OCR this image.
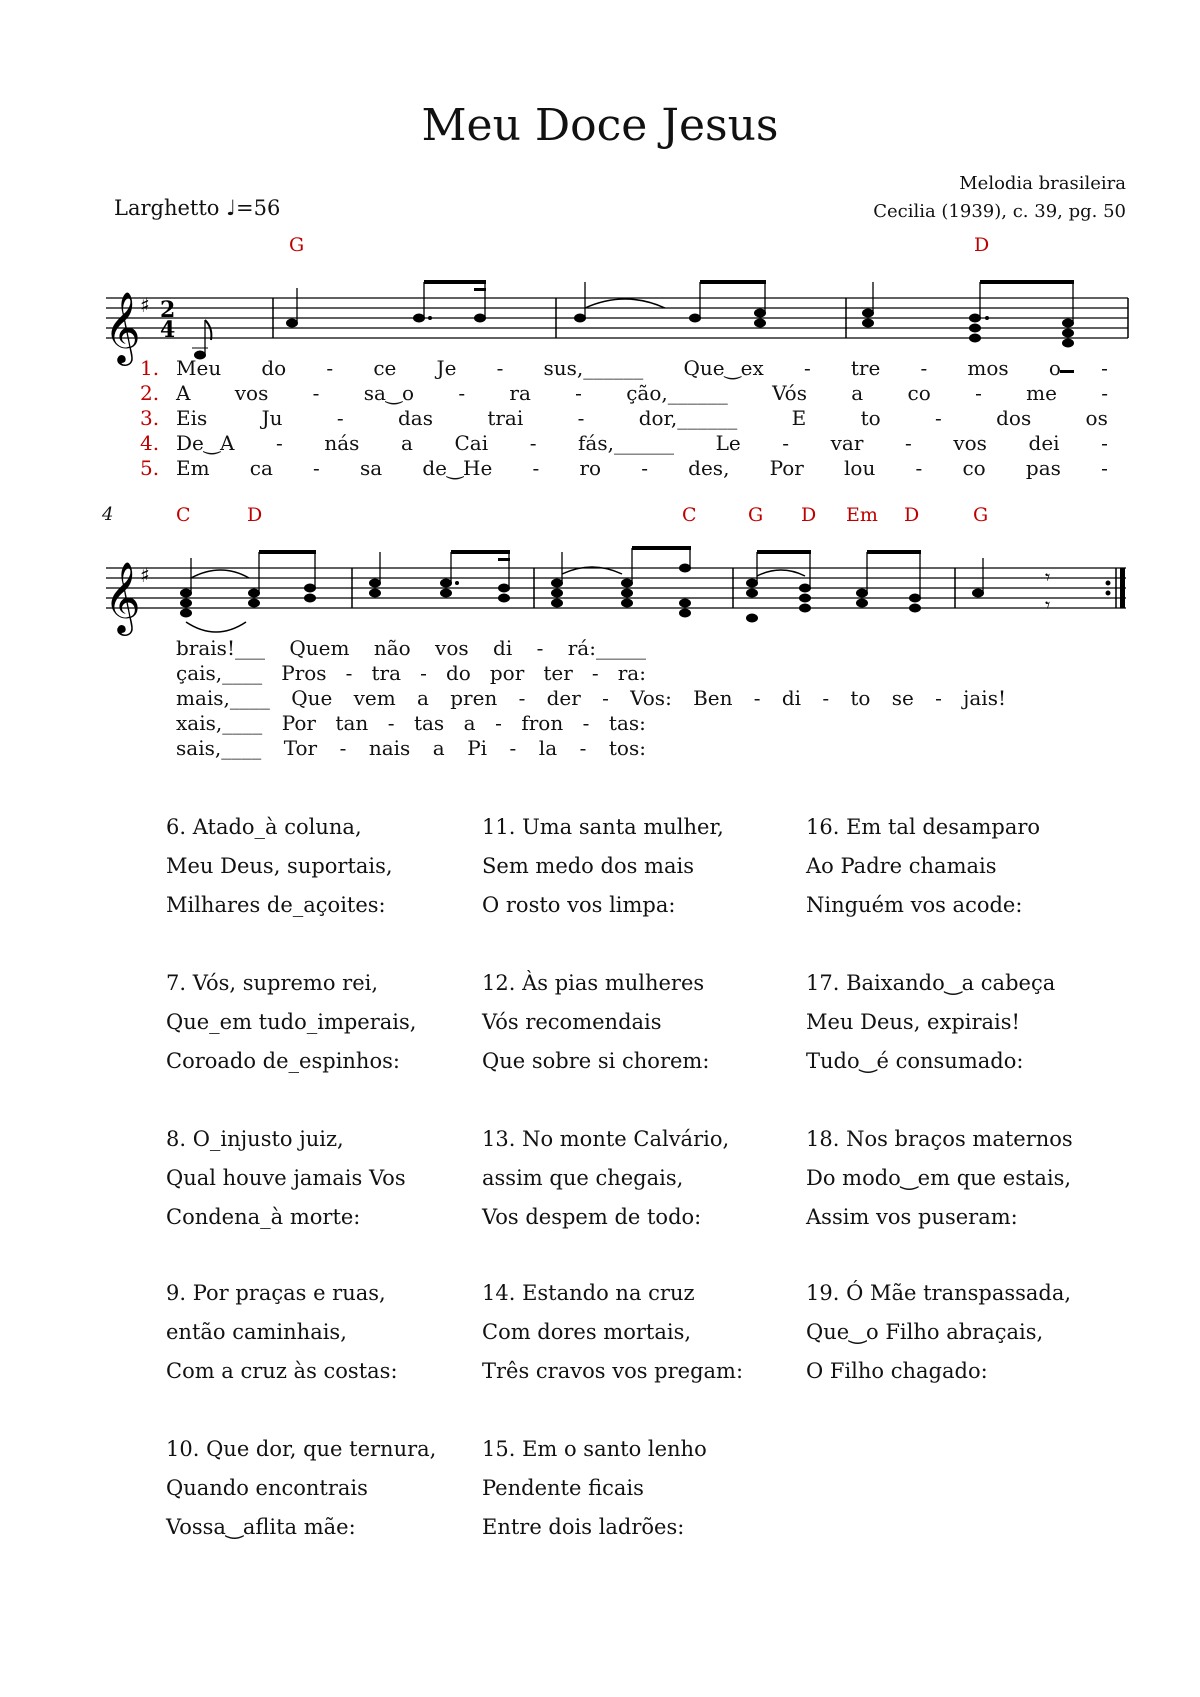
Meu Doce Jesus
Larghetto ♩=56
Melodia brasileira
Cecilia (1939), c. 39, pg. 50
G	D
𝄞 ♯ 2
4
1.
2.
3.
4.
5.
Meu do - ce Je - sus,______ Que‿ex - tre - mos o -
A vos - sa‿o - ra - ção,______ Vós a co - me -
Eis	Ju	-	das	trai	-	dor,______	E	to	-	dos	os
De‿A - nás a Cai - fás,______ Le - var - vos dei -
Em ca - sa de‿He - ro - des, Por lou - co pas -
4	C	D	C	G D Em D	G
𝄞 ♯	𝄾
𝄾
brais!___ Quem não vos di - rá:_____
çais,____ Pros - tra - do por ter - ra:
mais,____ Que vem a pren - der - Vos: Ben - di - to se - jais!
xais,____ Por tan - tas a - fron - tas:
sais,____ Tor - nais a Pi - la - tos:
6. Atado_à coluna,
Meu Deus, suportais,
Milhares de_açoites:
7. Vós, supremo rei,
Que_em tudo_imperais,
Coroado de_espinhos:
8. O_injusto juiz,
Qual houve jamais Vos
Condena_à morte:
9. Por praças e ruas,
então caminhais,
Com a cruz às costas:
10. Que dor, que ternura,
Quando encontrais
Vossa‿aflita mãe:
11. Uma santa mulher,
Sem medo dos mais
O rosto vos limpa:
12. Às pias mulheres
Vós recomendais
Que sobre si chorem:
13. No monte Calvário,
assim que chegais,
Vos despem de todo:
14. Estando na cruz
Com dores mortais,
Três cravos vos pregam:
15. Em o santo lenho
Pendente ficais
Entre dois ladrões:
16. Em tal desamparo
Ao Padre chamais
Ninguém vos acode:
17. Baixando‿a cabeça
Meu Deus, expirais!
Tudo‿é consumado:
18. Nos braços maternos
Do modo‿em que estais,
Assim vos puseram:
19. Ó Mãe transpassada,
Que‿o Filho abraçais,
O Filho chagado:
